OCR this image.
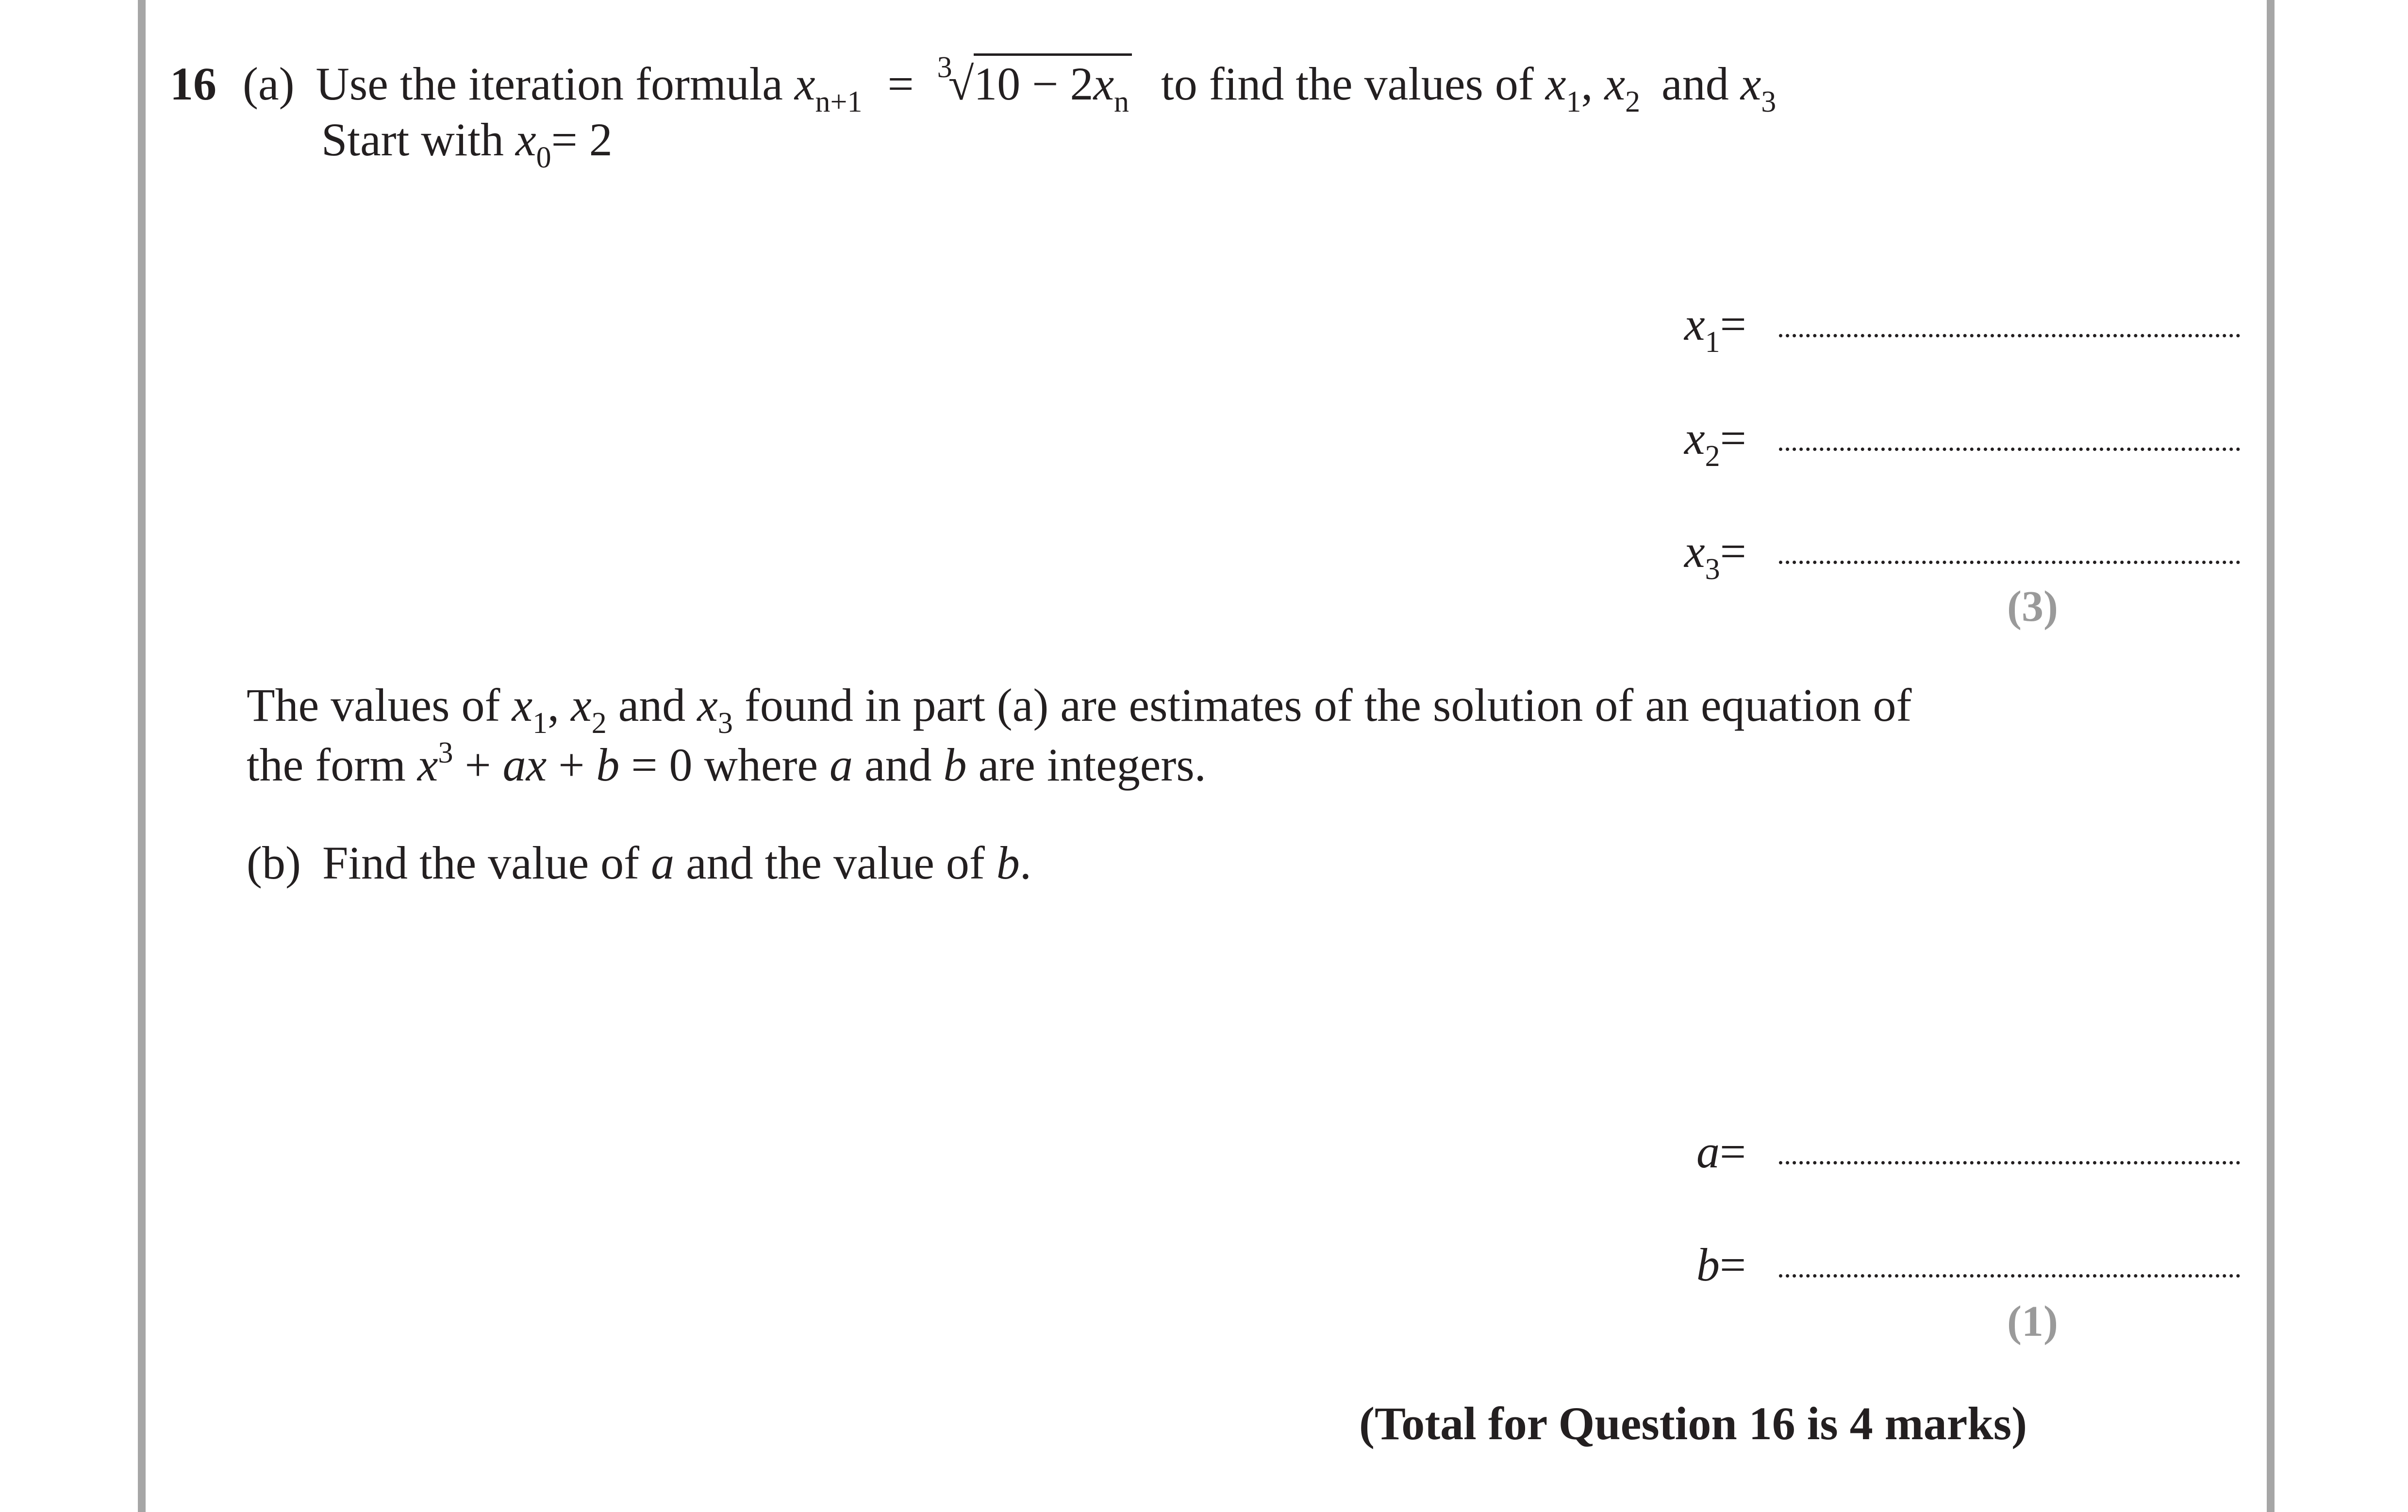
16 (a) Use the iteration formula $x_{n+1} = ^3√10 - 2x_n$ to find the values of $x_1$, $x_2$ and $x_3$
Start with $x_0= 2$
$x_1=$
$x_2=$
$x_3=$
(3)
The values of $x_1$, $x_2$ and $x_3$ found in part (a) are estimates of the solution of an equation of
the form $x^3$ + ax + b = 0 where a and b are integers.
(b) Find the value of a and the value of b.
a=
b=
(1)
(Total for Question 16 is 4 marks)
